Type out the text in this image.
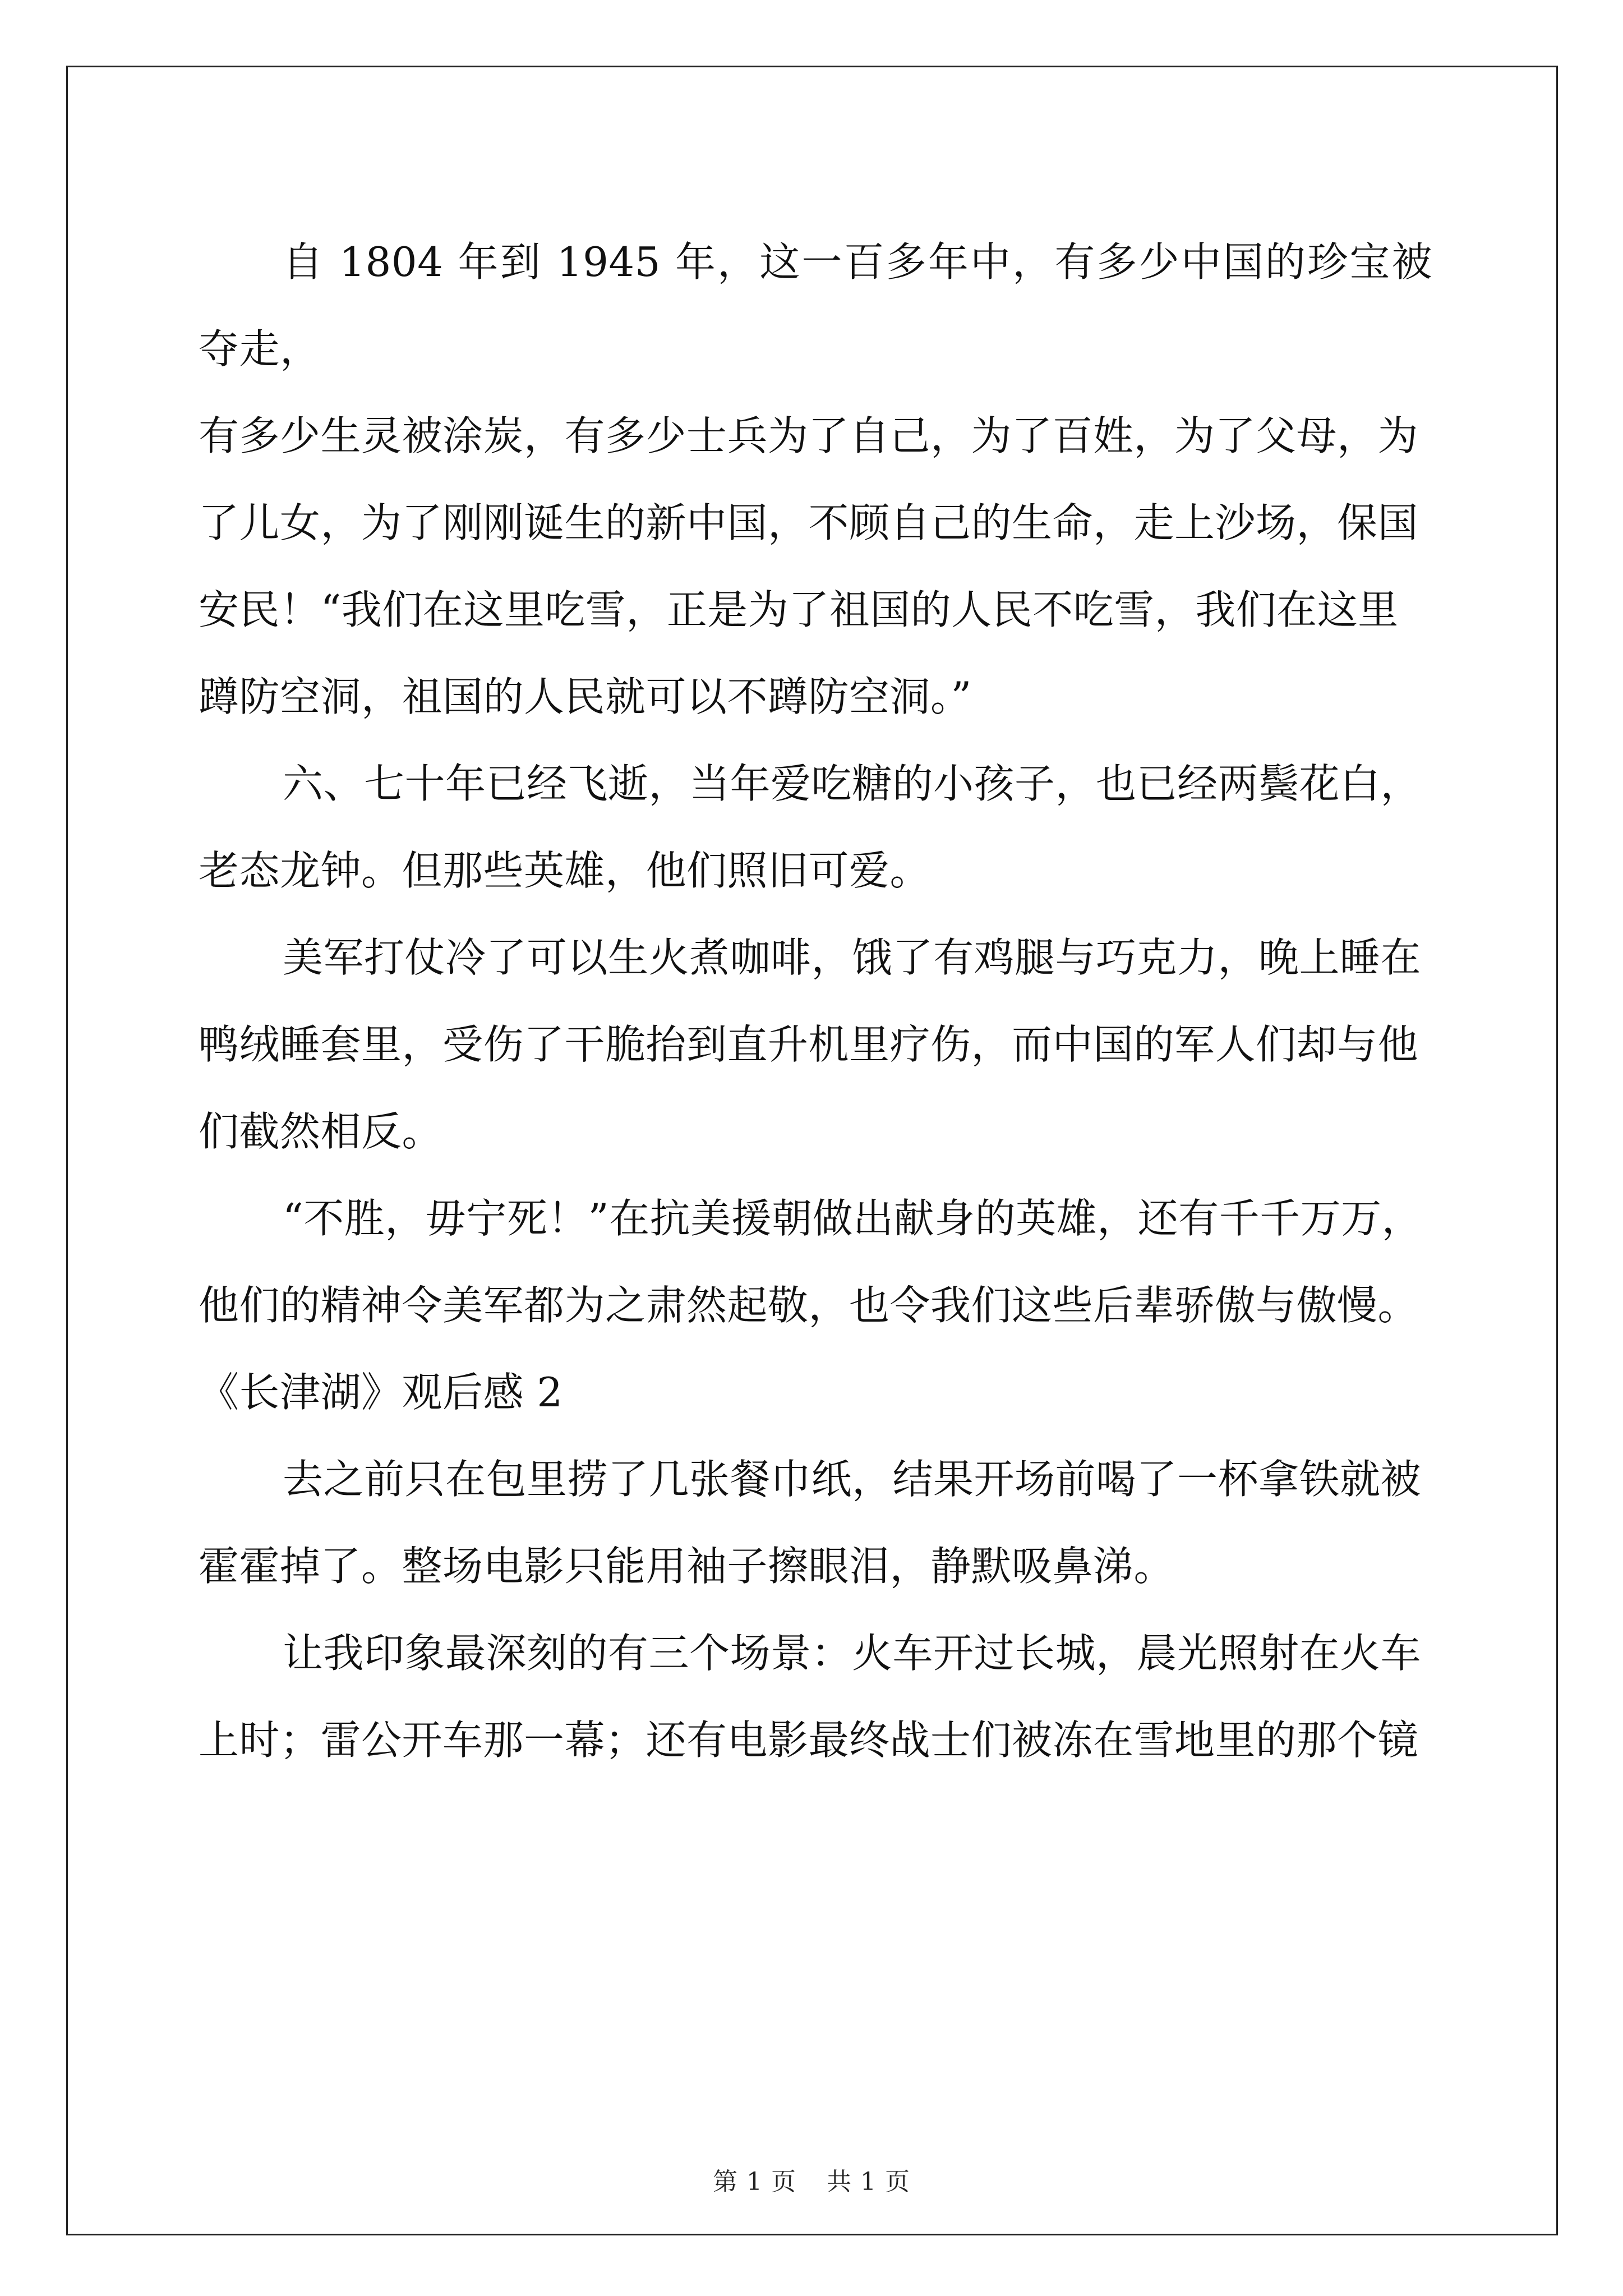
自 1804 年到 1945 年，这一百多年中，有多少中国的珍宝被夺走，
有多少生灵被涂炭，有多少士兵为了自己，为了百姓，为了父母，为
了儿女，为了刚刚诞生的新中国，不顾自己的生命，走上沙场，保国
安民！“我们在这里吃雪，正是为了祖国的人民不吃雪，我们在这里
蹲防空洞，祖国的人民就可以不蹲防空洞。”

六、七十年已经飞逝，当年爱吃糖的小孩子，也已经两鬓花白，
老态龙钟。但那些英雄，他们照旧可爱。

美军打仗冷了可以生火煮咖啡，饿了有鸡腿与巧克力，晚上睡在
鸭绒睡套里，受伤了干脆抬到直升机里疗伤，而中国的军人们却与他
们截然相反。

“不胜，毋宁死！”在抗美援朝做出献身的英雄，还有千千万万，
他们的精神令美军都为之肃然起敬，也令我们这些后辈骄傲与傲慢。

《长津湖》观后感 2

去之前只在包里捞了几张餐巾纸，结果开场前喝了一杯拿铁就被
霍霍掉了。整场电影只能用袖子擦眼泪，静默吸鼻涕。

让我印象最深刻的有三个场景：火车开过长城，晨光照射在火车
上时；雷公开车那一幕；还有电影最终战士们被冻在雪地里的那个镜

第 1 页 共 1 页
